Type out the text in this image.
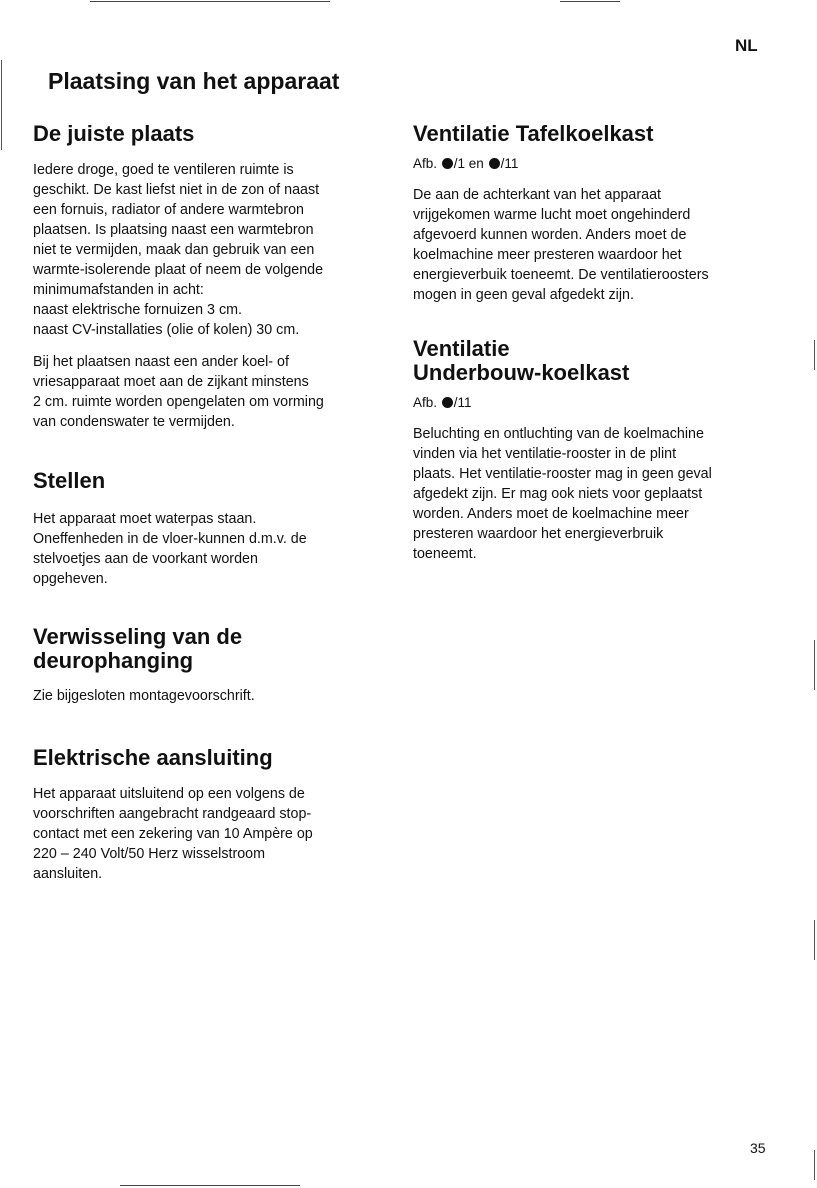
NL
Plaatsing van het apparaat
De juiste plaats

Iedere droge, goed te ventileren ruimte is
geschikt. De kast liefst niet in de zon of naast
een fornuis, radiator of andere warmtebron
plaatsen. Is plaatsing naast een warmtebron
niet te vermijden, maak dan gebruik van een
warmte-isolerende plaat of neem de volgende
minimumafstanden in acht:
naast elektrische fornuizen 3 cm.
naast CV-installaties (olie of kolen) 30 cm.

Bij het plaatsen naast een ander koel- of
vriesapparaat moet aan de zijkant minstens
2 cm. ruimte worden opengelaten om vorming
van condenswater te vermijden.

Stellen

Het apparaat moet waterpas staan.
Oneffenheden in de vloer-kunnen d.m.v. de
stelvoetjes aan de voorkant worden
opgeheven.

Verwisseling van de
deurophanging

Zie bijgesloten montagevoorschrift.

Elektrische aansluiting

Het apparaat uitsluitend op een volgens de
voorschriften aangebracht randgeaard stop-
contact met een zekering van 10 Ampère op
220 – 240 Volt/50 Herz wisselstroom
aansluiten.

Ventilatie Tafelkoelkast
Afb. /1 en /11

De aan de achterkant van het apparaat
vrijgekomen warme lucht moet ongehinderd
afgevoerd kunnen worden. Anders moet de
koelmachine meer presteren waardoor het
energieverbuik toeneemt. De ventilatieroosters
mogen in geen geval afgedekt zijn.

Ventilatie
Underbouw-koelkast
Afb. /11

Beluchting en ontluchting van de koelmachine
vinden via het ventilatie-rooster in de plint
plaats. Het ventilatie-rooster mag in geen geval
afgedekt zijn. Er mag ook niets voor geplaatst
worden. Anders moet de koelmachine meer
presteren waardoor het energieverbruik
toeneemt.

35
